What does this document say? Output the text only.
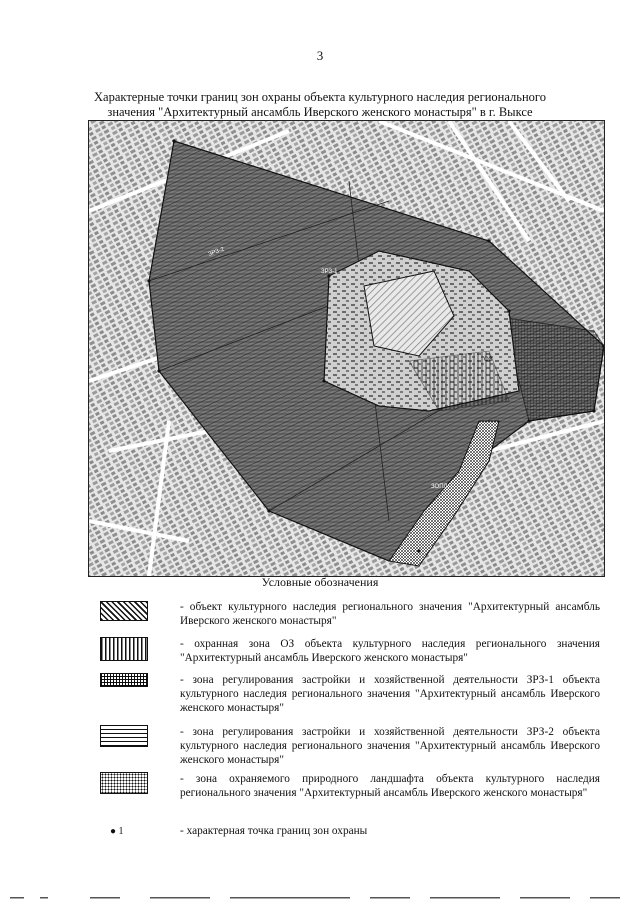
3
Характерные точки границ зон охраны объекта культурного наследия регионального значения "Архитектурный ансамбль Иверского женского монастыря" в г. Выксе
ЗРЗ-2
ЗРЗ-1
ОЗ
ЗОПЛ
Условные обозначения
- объект культурного наследия регионального значения "Архитектурный ансамбль Иверского женского монастыря"
- охранная зона ОЗ объекта культурного наследия регионального значения "Архитектурный ансамбль Иверского женского монастыря"
- зона регулирования застройки и хозяйственной деятельности ЗРЗ-1 объекта культурного наследия регионального значения "Архитектурный ансамбль Иверского женского монастыря"
- зона регулирования застройки и хозяйственной деятельности ЗРЗ-2 объекта культурного наследия регионального значения "Архитектурный ансамбль Иверского женского монастыря"
- зона охраняемого природного ландшафта объекта культурного наследия регионального значения "Архитектурный ансамбль Иверского женского монастыря"
● 1	- характерная точка границ зон охраны
